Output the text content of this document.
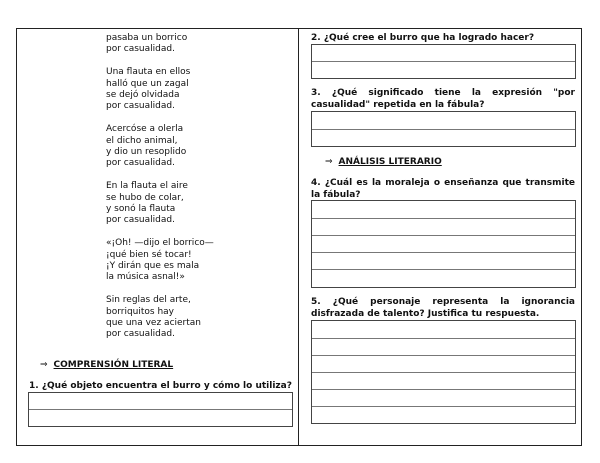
pasaba un borrico
por casualidad.
Una flauta en ellos
halló que un zagal
se dejó olvidada
por casualidad.
Acercóse a olerla
el dicho animal,
y dio un resoplido
por casualidad.
En la flauta el aire
se hubo de colar,
y sonó la flauta
por casualidad.
«¡Oh! —dijo el borrico—
¡qué bien sé tocar!
¡Y dirán que es mala
la música asnal!»
Sin reglas del arte,
borriquitos hay
que una vez aciertan
por casualidad.
⇒ COMPRENSIÓN LITERAL
1. ¿Qué objeto encuentra el burro y cómo lo utiliza?
2. ¿Qué cree el burro que ha logrado hacer?
3. ¿Qué significado tiene la expresión "por casualidad" repetida en la fábula?
⇒ ANÁLISIS LITERARIO
4. ¿Cuál es la moraleja o enseñanza que transmite la fábula?
5. ¿Qué personaje representa la ignorancia disfrazada de talento? Justifica tu respuesta.
